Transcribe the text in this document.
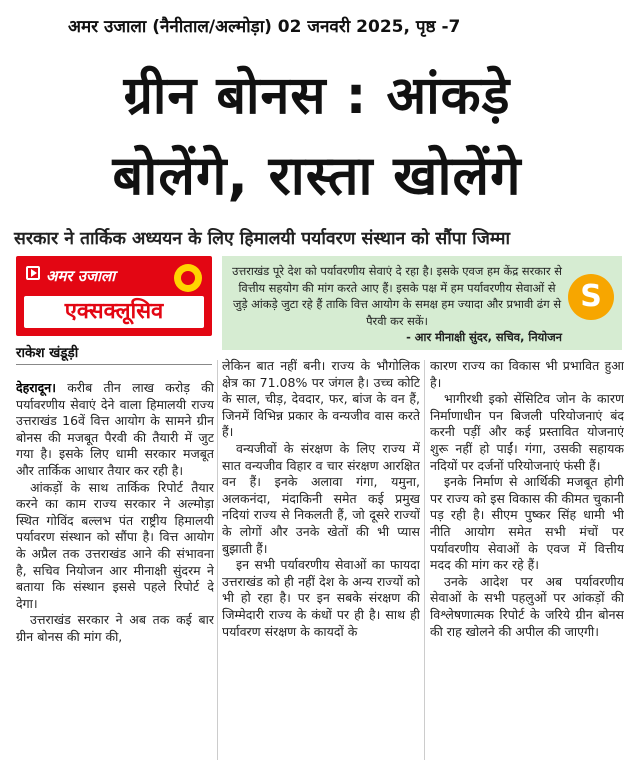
अमर उजाला (नैनीताल/अल्मोड़ा) 02 जनवरी 2025, पृष्ठ -7
ग्रीन बोनस : आंकड़े
बोलेंगे, रास्ता खोलेंगे
सरकार ने तार्किक अध्ययन के लिए हिमालयी पर्यावरण संस्थान को सौंपा जिम्मा
अमर उजाला
एक्सक्लूसिव
उत्तराखंड पूरे देश को पर्यावरणीय सेवाएं दे रहा है। इसके एवज हम केंद्र सरकार से वित्तीय सहयोग की मांग करते आए हैं। इसके पक्ष में हम पर्यावरणीय सेवाओं से जुड़े आंकड़े जुटा रहे हैं ताकि वित्त आयोग के समक्ष हम ज्यादा और प्रभावी ढंग से पैरवी कर सकें।
- आर मीनाक्षी सुंदर, सचिव, नियोजन
S
राकेश खंडूड़ी

देहरादून। करीब तीन लाख करोड़ की पर्यावरणीय सेवाएं देने वाला हिमालयी राज्य उत्तराखंड 16वें वित्त आयोग के सामने ग्रीन बोनस की मजबूत पैरवी की तैयारी में जुट गया है। इसके लिए धामी सरकार मजबूत और तार्किक आधार तैयार कर रही है।

आंकड़ों के साथ तार्किक रिपोर्ट तैयार करने का काम राज्य सरकार ने अल्मोड़ा स्थित गोविंद बल्लभ पंत राष्ट्रीय हिमालयी पर्यावरण संस्थान को सौंपा है। वित्त आयोग के अप्रैल तक उत्तराखंड आने की संभावना है, सचिव नियोजन आर मीनाक्षी सुंदरम ने बताया कि संस्थान इससे पहले रिपोर्ट दे देगा।

उत्तराखंड सरकार ने अब तक कई बार ग्रीन बोनस की मांग की,

लेकिन बात नहीं बनी। राज्य के भौगोलिक क्षेत्र का 71.08% पर जंगल है। उच्च कोटि के साल, चीड़, देवदार, फर, बांज के वन हैं, जिनमें विभिन्न प्रकार के वन्यजीव वास करते हैं।

वन्यजीवों के संरक्षण के लिए राज्य में सात वन्यजीव विहार व चार संरक्षण आरक्षित वन हैं। इनके अलावा गंगा, यमुना, अलकनंदा, मंदाकिनी समेत कई प्रमुख नदियां राज्य से निकलती हैं, जो दूसरे राज्यों के लोगों और उनके खेतों की भी प्यास बुझाती हैं।

इन सभी पर्यावरणीय सेवाओं का फायदा उत्तराखंड को ही नहीं देश के अन्य राज्यों को भी हो रहा है। पर इन सबके संरक्षण की जिम्मेदारी राज्य के कंधों पर ही है। साथ ही पर्यावरण संरक्षण के कायदों के

कारण राज्य का विकास भी प्रभावित हुआ है।

भागीरथी इको सेंसिटिव जोन के कारण निर्माणाधीन पन बिजली परियोजनाएं बंद करनी पड़ीं और कई प्रस्तावित योजनाएं शुरू नहीं हो पाईं। गंगा, उसकी सहायक नदियों पर दर्जनों परियोजनाएं फंसी हैं।

इनके निर्माण से आर्थिकी मजबूत होगी पर राज्य को इस विकास की कीमत चुकानी पड़ रही है। सीएम पुष्कर सिंह धामी भी नीति आयोग समेत सभी मंचों पर पर्यावरणीय सेवाओं के एवज में वित्तीय मदद की मांग कर रहे हैं।

उनके आदेश पर अब पर्यावरणीय सेवाओं के सभी पहलुओं पर आंकड़ों की विश्लेषणात्मक रिपोर्ट के जरिये ग्रीन बोनस की राह खोलने की अपील की जाएगी।
